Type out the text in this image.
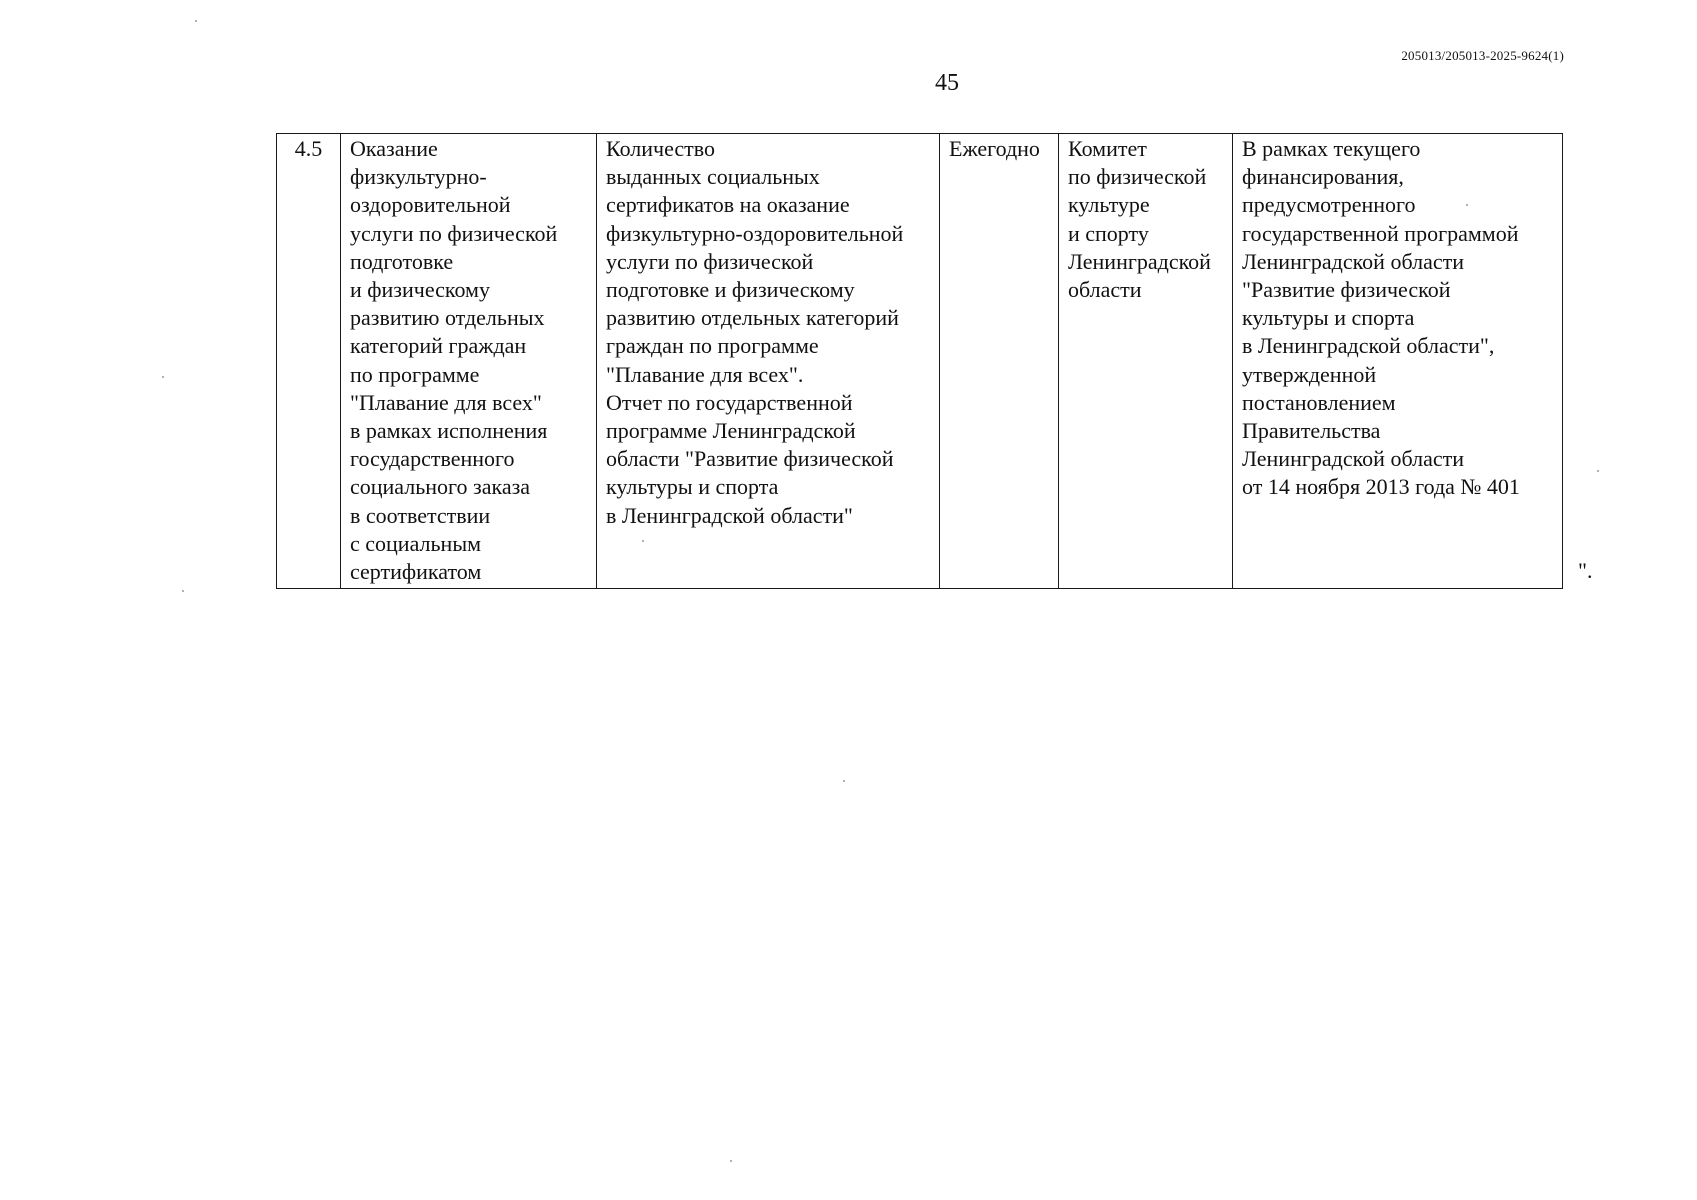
205013/205013-2025-9624(1)
45
4.5	Оказание
физкультурно-
оздоровительной
услуги по физической
подготовке
и физическому
развитию отдельных
категорий граждан
по программе
"Плавание для всех"
в рамках исполнения
государственного
социального заказа
в соответствии
с социальным
сертификатом	Количество
выданных социальных
сертификатов на оказание
физкультурно-оздоровительной
услуги по физической
подготовке и физическому
развитию отдельных категорий
граждан по программе
"Плавание для всех".
Отчет по государственной
программе Ленинградской
области "Развитие физической
культуры и спорта
в Ленинградской области"	Ежегодно	Комитет
по физической
культуре
и спорту
Ленинградской
области	В рамках текущего
финансирования,
предусмотренного
государственной программой
Ленинградской области
"Развитие физической
культуры и спорта
в Ленинградской области",
утвержденной
постановлением
Правительства
Ленинградской области
от 14 ноября 2013 года № 401
".
